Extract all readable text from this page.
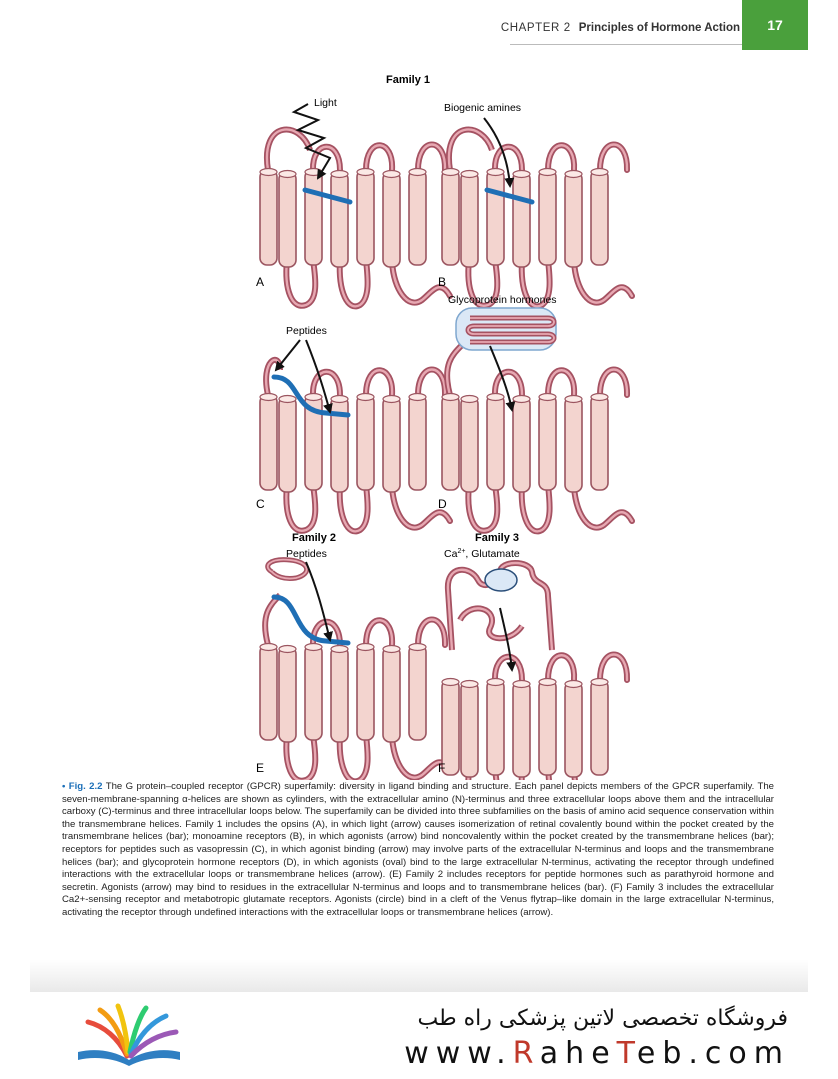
CHAPTER 2 Principles of Hormone Action	17
Family 1
Family 2	Family 3
Light
A
Biogenic amines
B
Peptides
C
Glycoprotein hormones
D
Peptides
E
$Ca^{2+}$, Glutamate
F
• Fig. 2.2 The G protein–coupled receptor (GPCR) superfamily: diversity in ligand binding and structure. Each panel depicts members of the GPCR superfamily. The seven-membrane-spanning α-helices are shown as cylinders, with the extracellular amino (N)-terminus and three extracellular loops above them and the intracellular carboxy (C)-terminus and three intracellular loops below. The superfamily can be divided into three subfamilies on the basis of amino acid sequence conservation within the transmembrane helices. Family 1 includes the opsins (A), in which light (arrow) causes isomerization of retinal covalently bound within the pocket created by the transmembrane helices (bar); monoamine receptors (B), in which agonists (arrow) bind noncovalently within the pocket created by the transmembrane helices (bar); receptors for peptides such as vasopressin (C), in which agonist binding (arrow) may involve parts of the extracellular N-terminus and loops and the transmembrane helices (bar); and glycoprotein hormone receptors (D), in which agonists (oval) bind to the large extracellular N-terminus, activating the receptor through undefined interactions with the extracellular loops or transmembrane helices (arrow). (E) Family 2 includes receptors for peptide hormones such as parathyroid hormone and secretin. Agonists (arrow) may bind to residues in the extracellular N-terminus and loops and to transmembrane helices (bar). (F) Family 3 includes the extracellular Ca2+-sensing receptor and metabotropic glutamate receptors. Agonists (circle) bind in a cleft of the Venus flytrap–like domain in the large extracellular N-terminus, activating the receptor through undefined interactions with the extracellular loops or transmembrane helices (arrow).
فروشگاه تخصصی لاتین پزشکی راه طب
www.RaheTeb.com
